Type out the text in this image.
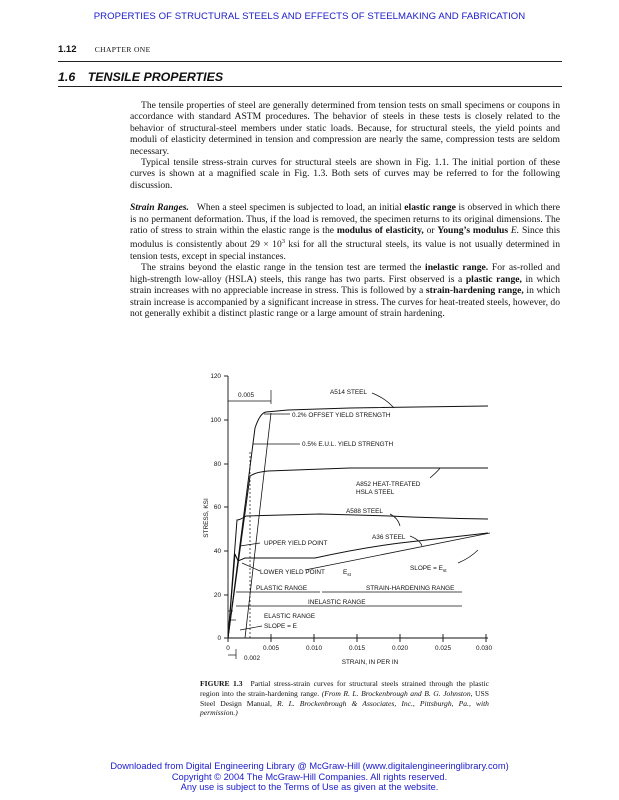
PROPERTIES OF STRUCTURAL STEELS AND EFFECTS OF STEELMAKING AND FABRICATION
1.12 CHAPTER ONE
1.6 TENSILE PROPERTIES

The tensile properties of steel are generally determined from tension tests on small specimens or coupons in accordance with standard ASTM procedures. The behavior of steels in these tests is closely related to the behavior of structural-steel members under static loads. Because, for structural steels, the yield points and moduli of elasticity determined in tension and compression are nearly the same, compression tests are seldom necessary.

Typical tensile stress-strain curves for structural steels are shown in Fig. 1.1. The initial portion of these curves is shown at a magnified scale in Fig. 1.3. Both sets of curves may be referred to for the following discussion.

Strain Ranges. When a steel specimen is subjected to load, an initial elastic range is observed in which there is no permanent deformation. Thus, if the load is removed, the specimen returns to its original dimensions. The ratio of stress to strain within the elastic range is the modulus of elasticity, or Young’s modulus E. Since this modulus is consistently about $29 \times 10^3$ ksi for all the structural steels, its value is not usually determined in tension tests, except in special instances.

The strains beyond the elastic range in the tension test are termed the inelastic range. For as-rolled and high-strength low-alloy (HSLA) steels, this range has two parts. First observed is a plastic range, in which strain increases with no appreciable increase in stress. This is followed by a strain-hardening range, in which strain increase is accompanied by a significant increase in stress. The curves for heat-treated steels, however, do not generally exhibit a distinct plastic range or a large amount of strain hardening.

0
20
40
60
80
100
120
0	0.005	0.010	0.015	0.020	0.025	0.030
STRESS, KSI
STRAIN, IN PER IN
0.005	A514 STEEL
0.2% OFFSET YIELD STRENGTH
0.5% E.U.L. YIELD STRENGTH
A852 HEAT-TREATED
HSLA STEEL
A588 STEEL
A36 STEEL
UPPER YIELD POINT
LOWER YIELD POINT	$E_{st}$
SLOPE = $E_{st}$
PLASTIC RANGE	STRAIN-HARDENING RANGE
INELASTIC RANGE
ELASTIC RANGE
SLOPE = E
0.002
FIGURE 1.3 Partial stress-strain curves for structural steels strained through the plastic region into the strain-hardening range. (From R. L. Brockenbrough and B. G. Johnston, USS Steel Design Manual, R. L. Brockenbrough & Associates, Inc., Pittsburgh, Pa., with permission.)
Downloaded from Digital Engineering Library @ McGraw-Hill (www.digitalengineeringlibrary.com)
Copyright © 2004 The McGraw-Hill Companies. All rights reserved.
Any use is subject to the Terms of Use as given at the website.
